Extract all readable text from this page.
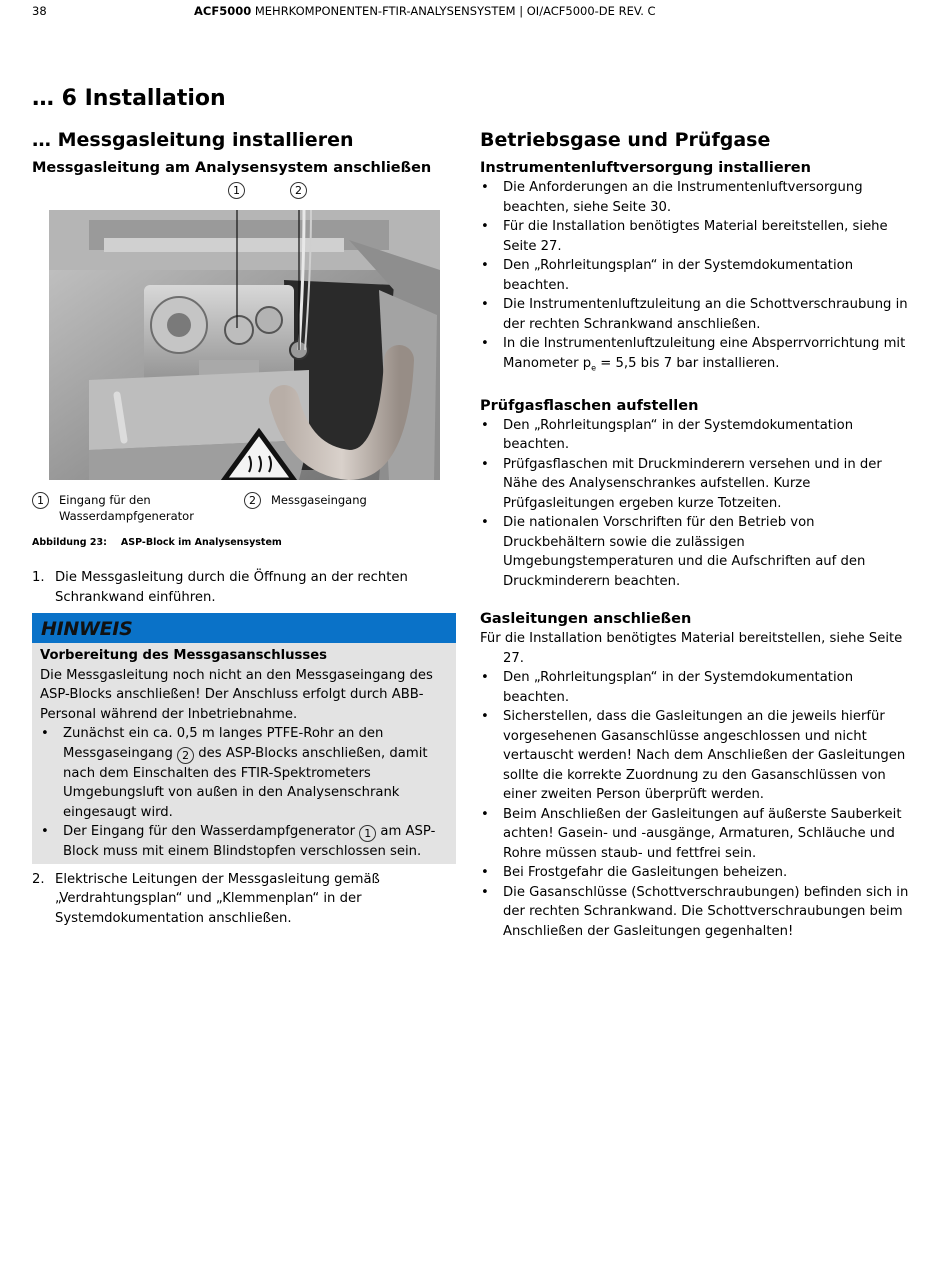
38	ACF5000 MEHRKOMPONENTEN-FTIR-ANALYSENSYSTEM | OI/ACF5000-DE REV. C
… 6 Installation
… Messgasleitung installieren
Messgasleitung am Analysensystem anschließen
1	2
1	Eingang für den Wasserdampfgenerator
2	Messgaseingang
Abbildung 23: ASP-Block im Analysensystem
1. Die Messgasleitung durch die Öffnung an der rechten Schrankwand einführen.
HINWEIS
Vorbereitung des Messgasanschlusses
Die Messgasleitung noch nicht an den Messgaseingang des ASP-Blocks anschließen! Der Anschluss erfolgt durch ABB-Personal während der Inbetriebnahme.
• Zunächst ein ca. 0,5 m langes PTFE-Rohr an den Messgaseingang 2 des ASP-Blocks anschließen, damit nach dem Einschalten des FTIR-Spektrometers Umgebungsluft von außen in den Analysenschrank eingesaugt wird.
• Der Eingang für den Wasserdampfgenerator 1 am ASP-Block muss mit einem Blindstopfen verschlossen sein.
2. Elektrische Leitungen der Messgasleitung gemäß „Verdrahtungsplan“ und „Klemmenplan“ in der Systemdokumentation anschließen.
Betriebsgase und Prüfgase
Instrumentenluftversorgung installieren
• Die Anforderungen an die Instrumentenluftversorgung beachten, siehe Seite 30.
• Für die Installation benötigtes Material bereitstellen, siehe Seite 27.
• Den „Rohrleitungsplan“ in der Systemdokumentation beachten.
• Die Instrumentenluftzuleitung an die Schottverschraubung in der rechten Schrankwand anschließen.
• In die Instrumentenluftzuleitung eine Absperrvorrichtung mit Manometer $p_e = 5,5$ bis 7 bar installieren.
Prüfgasflaschen aufstellen
• Den „Rohrleitungsplan“ in der Systemdokumentation beachten.
• Prüfgasflaschen mit Druckminderern versehen und in der Nähe des Analysenschrankes aufstellen. Kurze Prüfgasleitungen ergeben kurze Totzeiten.
• Die nationalen Vorschriften für den Betrieb von Druckbehältern sowie die zulässigen Umgebungstemperaturen und die Aufschriften auf den Druckminderern beachten.
Gasleitungen anschließen
Für die Installation benötigtes Material bereitstellen, siehe Seite 27.
• Den „Rohrleitungsplan“ in der Systemdokumentation beachten.
• Sicherstellen, dass die Gasleitungen an die jeweils hierfür vorgesehenen Gasanschlüsse angeschlossen und nicht vertauscht werden! Nach dem Anschließen der Gasleitungen sollte die korrekte Zuordnung zu den Gasanschlüssen von einer zweiten Person überprüft werden.
• Beim Anschließen der Gasleitungen auf äußerste Sauberkeit achten! Gasein- und -ausgänge, Armaturen, Schläuche und Rohre müssen staub- und fettfrei sein.
• Bei Frostgefahr die Gasleitungen beheizen.
• Die Gasanschlüsse (Schottverschraubungen) befinden sich in der rechten Schrankwand. Die Schottverschraubungen beim Anschließen der Gasleitungen gegenhalten!
